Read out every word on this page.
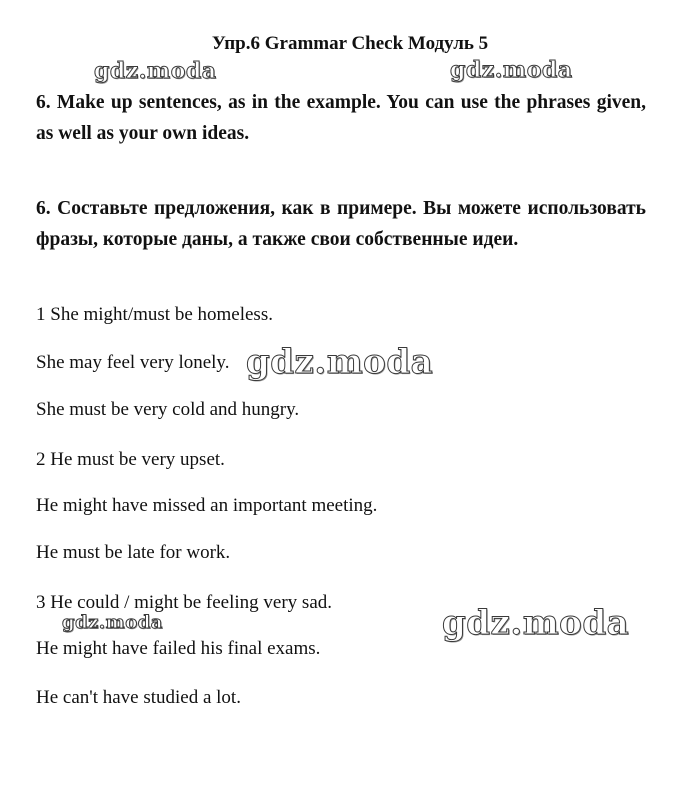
Упр.6 Grammar Check Модуль 5
6. Make up sentences, as in the example. You can use the phrases given, as well as your own ideas.
6. Составьте предложения, как в примере. Вы можете использовать фразы, которые даны, а также свои собственные идеи.
1 She might/must be homeless.
She may feel very lonely.
She must be very cold and hungry.
2 He must be very upset.
He might have missed an important meeting.
He must be late for work.
3 He could / might be feeling very sad.
He might have failed his final exams.
He can't have studied a lot.
gdz.moda	gdz.moda
gdz.moda
gdz.moda	gdz.moda
